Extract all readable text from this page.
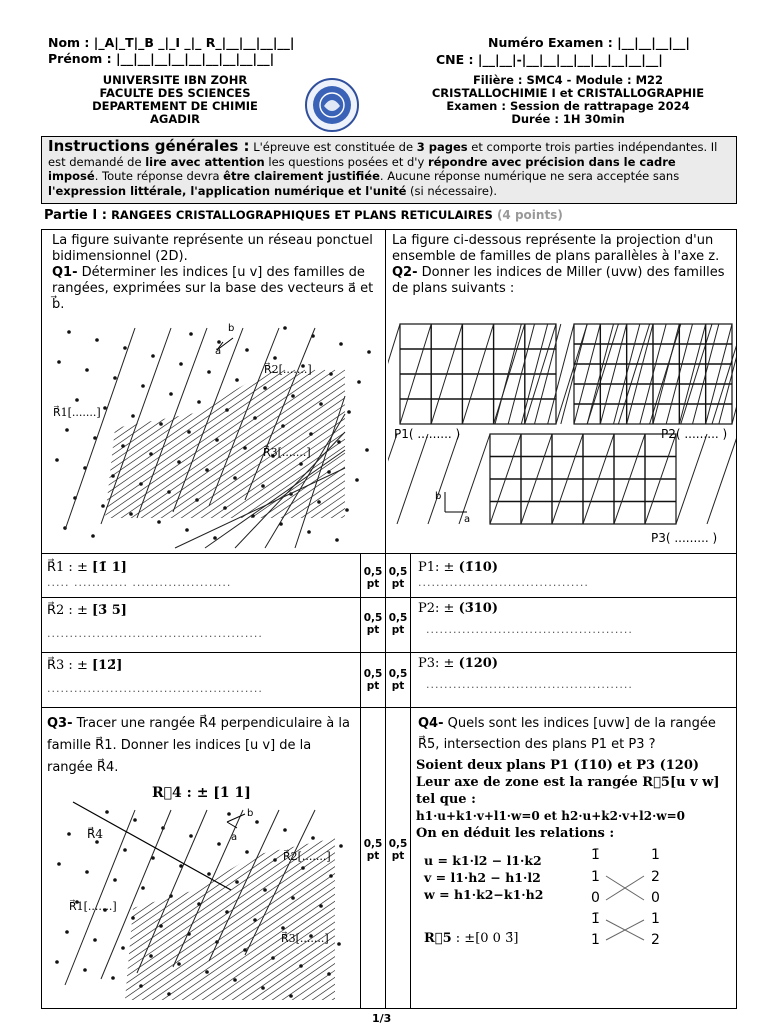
Nom : |_A|_T|_B _|_I _|_ R_|__|__|__|__|
Prénom : |__|__|__|__|__|__|__|__|__|
Numéro Examen : |__|__|__|__|
CNE : |__|__|-|__|__|__|__|__|__|__|__|
UNIVERSITE IBN ZOHR
FACULTE DES SCIENCES
DEPARTEMENT DE CHIMIE
AGADIR
Filière : SMC4 - Module : M22
CRISTALLOCHIMIE I et CRISTALLOGRAPHIE
Examen : Session de rattrapage 2024
Durée : 1H 30min
Instructions générales : L'épreuve est constituée de 3 pages et comporte trois parties indépendantes. Il est demandé de lire avec attention les questions posées et d'y répondre avec précision dans le cadre imposé. Toute réponse devra être clairement justifiée. Aucune réponse numérique ne sera acceptée sans l'expression littérale, l'application numérique et l'unité (si nécessaire).
Partie I : RANGEES CRISTALLOGRAPHIQUES ET PLANS RETICULAIRES (4 points)
La figure suivante représente un réseau ponctuel bidimensionnel (2D).
Q1- Déterminer les indices [u v] des familles de rangées, exprimées sur la base des vecteurs a⃗ et b⃗.
b
a
R⃗2[.......]
R⃗1[.......]
R⃗3[.......]
La figure ci-dessous représente la projection d'un ensemble de familles de plans parallèles à l'axe z.
Q2- Donner les indices de Miller (uvw) des familles de plans suivants :
P1( ......... )	P2( ......... )
P3( ......... )
b
a
R⃗1 : ± [1̄ 1]
..... ............ ......................
0,5 pt
0,5 pt
P1: ± (1̄10)
......................................
R⃗2 : ± [3̄ 5]
................................................
0,5 pt
0,5 pt
P2: ± (3̄10)
..............................................
R⃗3 : ± [12̄]
................................................
0,5 pt
0,5 pt
P3: ± (120)
..............................................
Q3- Tracer une rangée R⃗4 perpendiculaire à la famille R⃗1. Donner les indices [u v] de la rangée R⃗4.
R⃗4 : ± [1 1]
0,5 pt
b
a
R⃗4
R⃗2[.......]
R⃗1[.......]
R⃗3[.......]
Q4- Quels sont les indices [uvw] de la rangée R⃗5, intersection des plans P1 et P3 ?
0,5 pt
Soient deux plans P1 (1̄10) et P3 (120)
Leur axe de zone est la rangée R⃗5[u v w] tel que :
h1·u+k1·v+l1·w=0 et h2·u+k2·v+l2·w=0
On en déduit les relations :
u = k1·l2 − l1·k2
v = l1·h2 − h1·l2
w = h1·k2−k1·h2
R⃗5 : ±[0 0 3̄]
1̄	1
1	2
0	0
1̄	1
1	2
1/3
